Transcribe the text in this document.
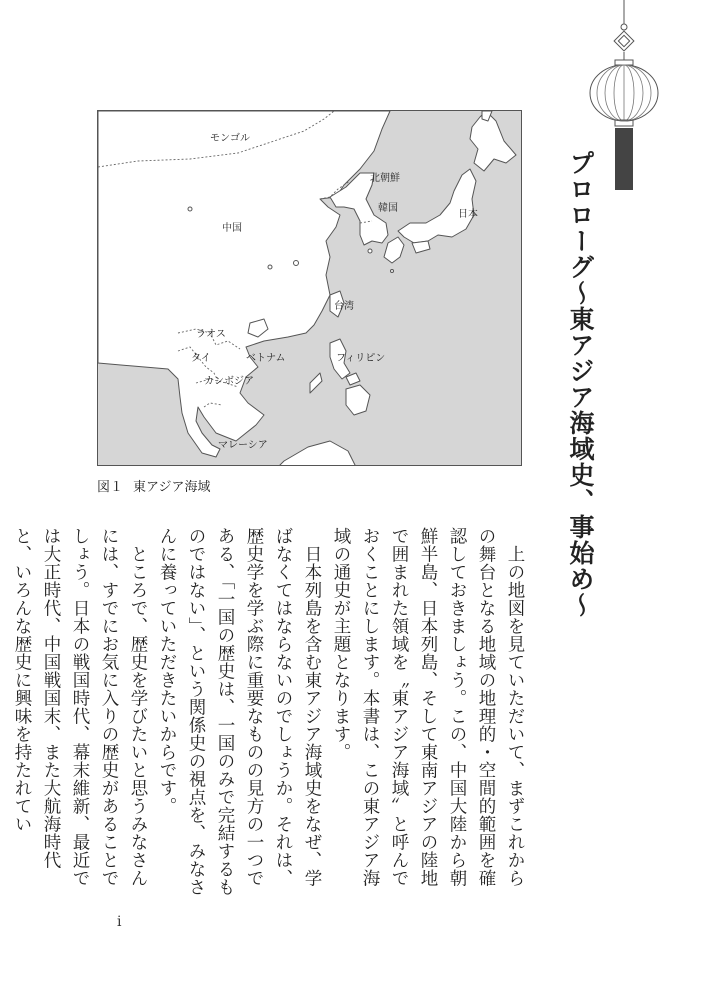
モンゴル
中国
北朝鮮
韓国
日本
台湾
ラオス
タイ	ベトナム
カンボジア
フィリピン
マレーシア
図１ 東アジア海域	プロローグ～東アジア海域史、事始め～

上の地図を見ていただいて、まずこれからの舞台となる地域の地理的・空間的範囲を確認しておきましょう。この、中国大陸から朝鮮半島、日本列島、そして東南アジアの陸地で囲まれた領域を〝東アジア海域〟と呼んでおくことにします。本書は、この東アジア海域の通史が主題となります。

日本列島を含む東アジア海域史をなぜ、学ばなくてはならないのでしょうか。それは、歴史学を学ぶ際に重要なものの見方の一つである、「一国の歴史は、一国のみで完結するものではない」、という関係史の視点を、みなさんに養っていただきたいからです。

ところで、歴史を学びたいと思うみなさんには、すでにお気に入りの歴史があることでしょう。日本の戦国時代、幕末維新、最近では大正時代、中国戦国末、また大航海時代と、いろんな歴史に興味を持たれてい

i
